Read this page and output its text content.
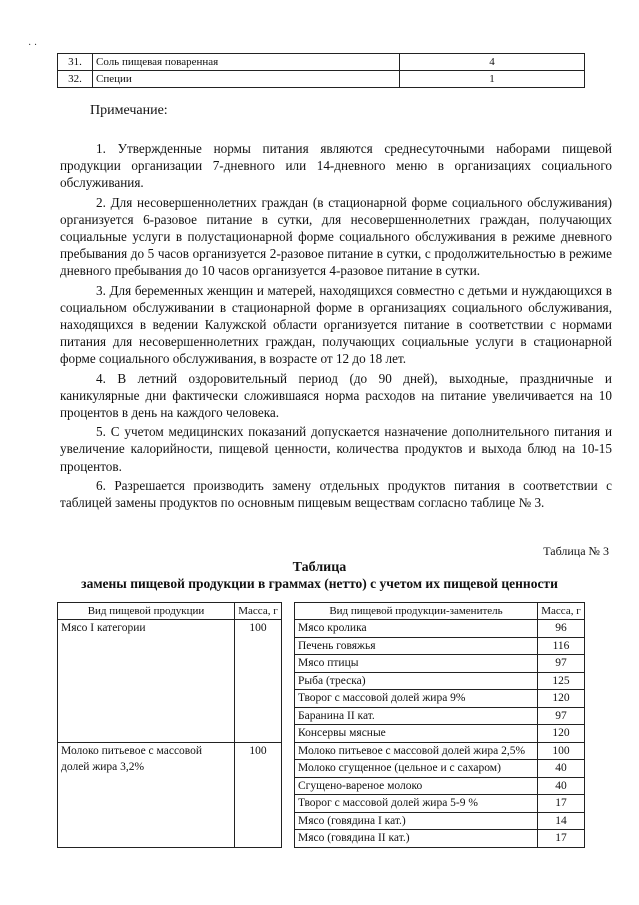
· ·
31.	Соль пищевая поваренная	4
32.	Специи	1
Примечание:

1. Утвержденные нормы питания являются среднесуточными наборами пищевой продукции организации 7-дневного или 14-дневного меню в организациях социального обслуживания.

2. Для несовершеннолетних граждан (в стационарной форме социального обслуживания) организуется 6-разовое питание в сутки, для несовершеннолетних граждан, получающих социальные услуги в полустационарной форме социального обслуживания в режиме дневного пребывания до 5 часов организуется 2-разовое питание в сутки, с продолжительностью в режиме дневного пребывания до 10 часов организуется 4-разовое питание в сутки.

3. Для беременных женщин и матерей, находящихся совместно с детьми и нуждающихся в социальном обслуживании в стационарной форме в организациях социального обслуживания, находящихся в ведении Калужской области организуется питание в соответствии с нормами питания для несовершеннолетних граждан, получающих социальные услуги в стационарной форме социального обслуживания, в возрасте от 12 до 18 лет.

4. В летний оздоровительный период (до 90 дней), выходные, праздничные и каникулярные дни фактически сложившаяся норма расходов на питание увеличивается на 10 процентов в день на каждого человека.

5. С учетом медицинских показаний допускается назначение дополнительного питания и увеличение калорийности, пищевой ценности, количества продуктов и выхода блюд на 10-15 процентов.

6. Разрешается производить замену отдельных продуктов питания в соответствии с таблицей замены продуктов по основным пищевым веществам согласно таблице № 3.

Таблица № 3
Таблица
замены пищевой продукции в граммах (нетто) с учетом их пищевой ценности
Вид пищевой продукции	Масса, г		Вид пищевой продукции-заменитель	Масса, г
Мясо I категории	100		Мясо кролика	96
			Печень говяжья	116
			Мясо птицы	97
			Рыба (треска)	125
			Творог с массовой долей жира 9%	120
			Баранина II кат.	97
			Консервы мясные	120
Молоко питьевое с массовой долей жира 3,2%	100		Молоко питьевое с массовой долей жира 2,5%	100
			Молоко сгущенное (цельное и с сахаром)	40
			Сгущено-вареное молоко	40
			Творог с массовой долей жира 5-9 %	17
			Мясо (говядина I кат.)	14
			Мясо (говядина II кат.)	17
